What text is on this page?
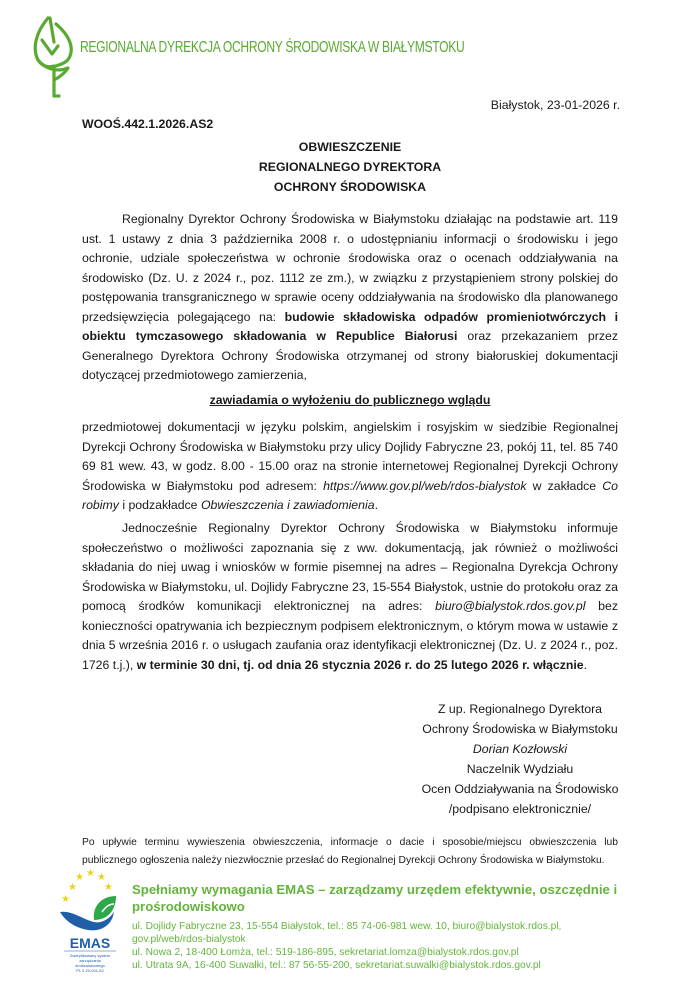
REGIONALNA DYREKCJA OCHRONY ŚRODOWISKA W BIAŁYMSTOKU
Białystok, 23-01-2026 r.
WOOŚ.442.1.2026.AS2
OBWIESZCZENIE
REGIONALNEGO DYREKTORA
OCHRONY ŚRODOWISKA
Regionalny Dyrektor Ochrony Środowiska w Białymstoku działając na podstawie art. 119 ust. 1 ustawy z dnia 3 października 2008 r. o udostępnianiu informacji o środowisku i jego ochronie, udziale społeczeństwa w ochronie środowiska oraz o ocenach oddziaływania na środowisko (Dz. U. z 2024 r., poz. 1112 ze zm.), w związku z przystąpieniem strony polskiej do postępowania transgranicznego w sprawie oceny oddziaływania na środowisko dla planowanego przedsięwzięcia polegającego na: budowie składowiska odpadów promieniotwórczych i obiektu tymczasowego składowania w Republice Białorusi oraz przekazaniem przez Generalnego Dyrektora Ochrony Środowiska otrzymanej od strony białoruskiej dokumentacji dotyczącej przedmiotowego zamierzenia,
zawiadamia o wyłożeniu do publicznego wglądu
przedmiotowej dokumentacji w języku polskim, angielskim i rosyjskim w siedzibie Regionalnej Dyrekcji Ochrony Środowiska w Białymstoku przy ulicy Dojlidy Fabryczne 23, pokój 11, tel. 85 740 69 81 wew. 43, w godz. 8.00 - 15.00 oraz na stronie internetowej Regionalnej Dyrekcji Ochrony Środowiska w Białymstoku pod adresem: https://www.gov.pl/web/rdos-bialystok w zakładce Co robimy i podzakładce Obwieszczenia i zawiadomienia.
Jednocześnie Regionalny Dyrektor Ochrony Środowiska w Białymstoku informuje społeczeństwo o możliwości zapoznania się z ww. dokumentacją, jak również o możliwości składania do niej uwag i wniosków w formie pisemnej na adres – Regionalna Dyrekcja Ochrony Środowiska w Białymstoku, ul. Dojlidy Fabryczne 23, 15-554 Białystok, ustnie do protokołu oraz za pomocą środków komunikacji elektronicznej na adres: biuro@bialystok.rdos.gov.pl bez konieczności opatrywania ich bezpiecznym podpisem elektronicznym, o którym mowa w ustawie z dnia 5 września 2016 r. o usługach zaufania oraz identyfikacji elektronicznej (Dz. U. z 2024 r., poz. 1726 t.j.), w terminie 30 dni, tj. od dnia 26 stycznia 2026 r. do 25 lutego 2026 r. włącznie.
Z up. Regionalnego Dyrektora
Ochrony Środowiska w Białymstoku
Dorian Kozłowski
Naczelnik Wydziału
Ocen Oddziaływania na Środowisko
/podpisano elektronicznie/
Po upływie terminu wywieszenia obwieszczenia, informacje o dacie i sposobie/miejscu obwieszczenia lub publicznego ogłoszenia należy niezwłocznie przesłać do Regionalnej Dyrekcji Ochrony Środowiska w Białymstoku.
★
★ ★ ★
★
★
EMAS
Zweryfikowany system
zarządzania
środowiskowego
PL 2.20-001-62
Spełniamy wymagania EMAS – zarządzamy urzędem efektywnie, oszczędnie i prośrodowiskowo
ul. Dojlidy Fabryczne 23, 15-554 Białystok, tel.: 85 74-06-981 wew. 10, biuro@bialystok.rdos.pl,
gov.pl/web/rdos-bialystok
ul. Nowa 2, 18-400 Łomża, tel.: 519-186-895, sekretariat.lomza@bialystok.rdos.gov.pl
ul. Utrata 9A, 16-400 Suwałki, tel.: 87 56-55-200, sekretariat.suwalki@bialystok.rdos.gov.pl
